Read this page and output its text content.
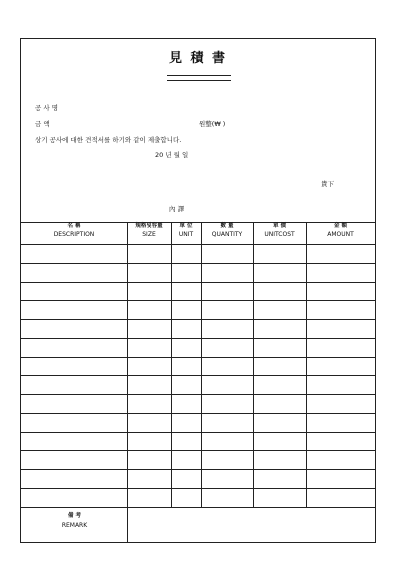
見 積 書
공 사 명
금 액	원整(₩ )
상기 공사에 대한 견적서를 하기와 같이 제출합니다.
20 년 월 일
貴下
內 譯
名 稱
DESCRIPTION
規格및容量
SIZE
單 位
UNIT
數 量
QUANTITY
單 價
UNITCOST
金 額
AMOUNT
備 考
REMARK
